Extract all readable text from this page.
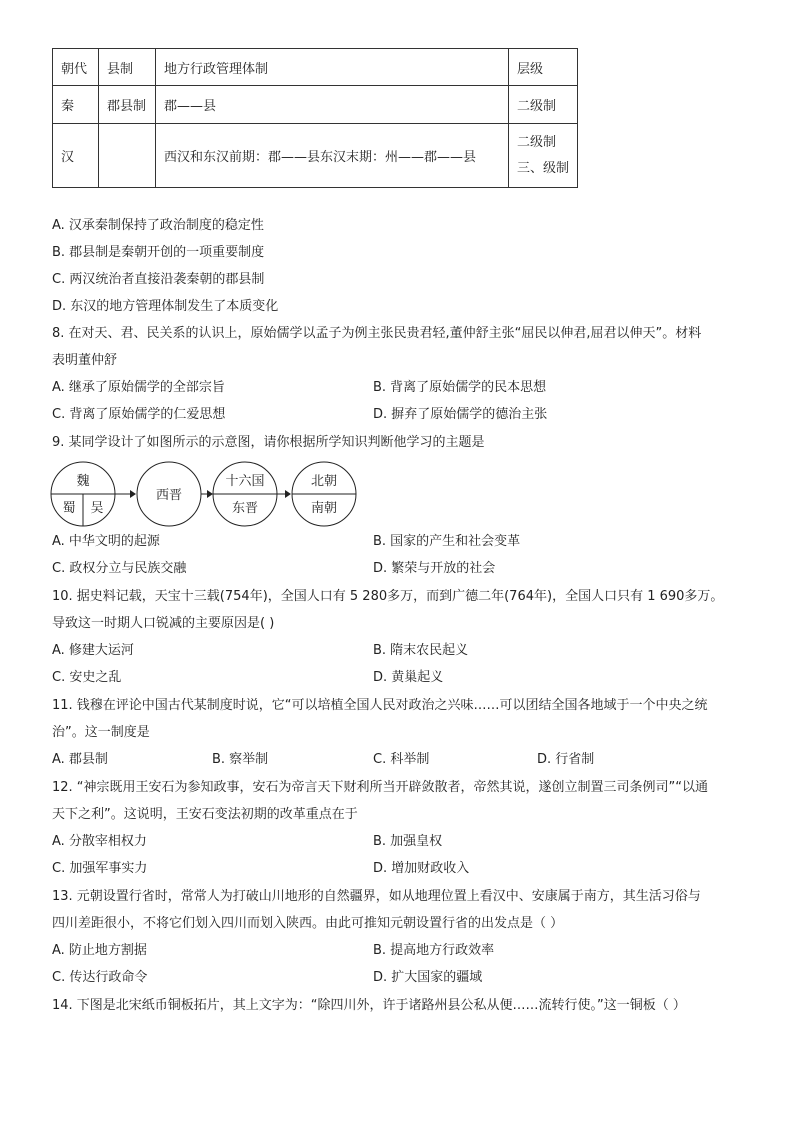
朝代	县制	地方行政管理体制	层级
秦	郡县制	郡——县	二级制
汉		西汉和东汉前期：郡——县东汉末期：州——郡——县	二级制
三、级制
A. 汉承秦制保持了政治制度的稳定性
B. 郡县制是秦朝开创的一项重要制度
C. 两汉统治者直接沿袭秦朝的郡县制
D. 东汉的地方管理体制发生了本质变化
8. 在对天、君、民关系的认识上，原始儒学以孟子为例主张民贵君轻,董仲舒主张“屈民以伸君,屈君以伸天”。材料
表明董仲舒
A. 继承了原始儒学的全部宗旨	B. 背离了原始儒学的民本思想
C. 背离了原始儒学的仁爱思想	D. 摒弃了原始儒学的德治主张
9. 某同学设计了如图所示的示意图，请你根据所学知识判断他学习的主题是
魏
蜀 吴
西晋
十六国
东晋
北朝
南朝
A. 中华文明的起源	B. 国家的产生和社会变革
C. 政权分立与民族交融	D. 繁荣与开放的社会
10. 据史料记载，天宝十三载(754年)，全国人口有 5 280多万，而到广德二年(764年)，全国人口只有 1 690多万。
导致这一时期人口锐减的主要原因是( )
A. 修建大运河	B. 隋末农民起义
C. 安史之乱	D. 黄巢起义
11. 钱穆在评论中国古代某制度时说，它“可以培植全国人民对政治之兴味……可以团结全国各地域于一个中央之统
治”。这一制度是
A. 郡县制	B. 察举制	C. 科举制	D. 行省制
12. “神宗既用王安石为参知政事，安石为帝言天下财利所当开辟敛散者，帝然其说，遂创立制置三司条例司”“以通
天下之利”。这说明，王安石变法初期的改革重点在于
A. 分散宰相权力	B. 加强皇权
C. 加强军事实力	D. 增加财政收入
13. 元朝设置行省时，常常人为打破山川地形的自然疆界，如从地理位置上看汉中、安康属于南方，其生活习俗与
四川差距很小，不将它们划入四川而划入陕西。由此可推知元朝设置行省的出发点是（ ）
A. 防止地方割据	B. 提高地方行政效率
C. 传达行政命令	D. 扩大国家的疆域
14. 下图是北宋纸币铜板拓片，其上文字为：“除四川外，许于诸路州县公私从便……流转行使。”这一铜板（ ）
